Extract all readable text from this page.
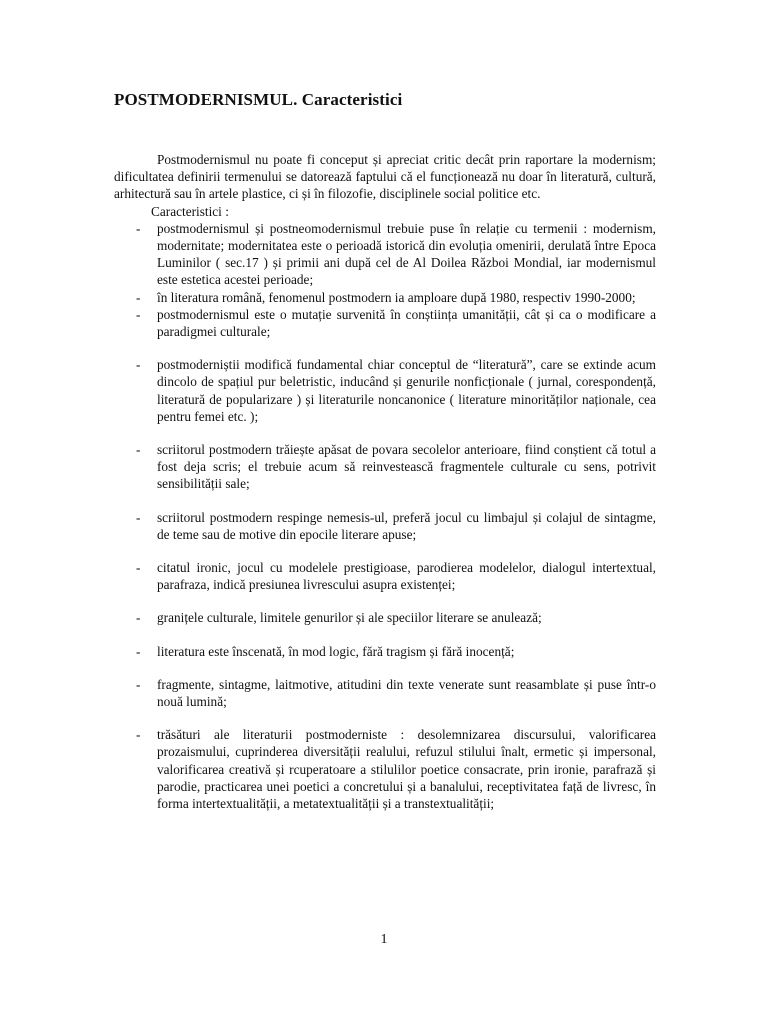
POSTMODERNISMUL. Caracteristici

Postmodernismul nu poate fi conceput și apreciat critic decât prin raportare la modernism; dificultatea definirii termenului se datorează faptului că el funcționează nu doar în literatură, cultură, arhitectură sau în artele plastice, ci și în filozofie, disciplinele social politice etc.

Caracteristici :

- postmodernismul și postneomodernismul trebuie puse în relație cu termenii : modernism, modernitate; modernitatea este o perioadă istorică din evoluția omenirii, derulată între Epoca Luminilor ( sec.17 ) și primii ani după cel de Al Doilea Război Mondial, iar modernismul este estetica acestei perioade;
- în literatura română, fenomenul postmodern ia amploare după 1980, respectiv 1990-2000;
- postmodernismul este o mutație survenită în conștiința umanității, cât și ca o modificare a paradigmei culturale;
- postmoderniștii modifică fundamental chiar conceptul de “literatură”, care se extinde acum dincolo de spațiul pur beletristic, inducând și genurile nonficționale ( jurnal, corespondență, literatură de popularizare ) și literaturile noncanonice ( literature minorităților naționale, cea pentru femei etc. );
- scriitorul postmodern trăiește apăsat de povara secolelor anterioare, fiind conștient că totul a fost deja scris; el trebuie acum să reinvestească fragmentele culturale cu sens, potrivit sensibilității sale;
- scriitorul postmodern respinge nemesis-ul, preferă jocul cu limbajul și colajul de sintagme, de teme sau de motive din epocile literare apuse;
- citatul ironic, jocul cu modelele prestigioase, parodierea modelelor, dialogul intertextual, parafraza, indică presiunea livrescului asupra existenței;
- granițele culturale, limitele genurilor și ale speciilor literare se anulează;
- literatura este înscenată, în mod logic, fără tragism și fără inocență;
- fragmente, sintagme, laitmotive, atitudini din texte venerate sunt reasamblate și puse într-o nouă lumină;
- trăsături ale literaturii postmoderniste : desolemnizarea discursului, valorificarea prozaismului, cuprinderea diversității realului, refuzul stilului înalt, ermetic și impersonal, valorificarea creativă și rcuperatoare a stilulilor poetice consacrate, prin ironie, parafrază și parodie, practicarea unei poetici a concretului și a banalului, receptivitatea față de livresc, în forma intertextualității, a metatextualității și a transtextualității;
1
